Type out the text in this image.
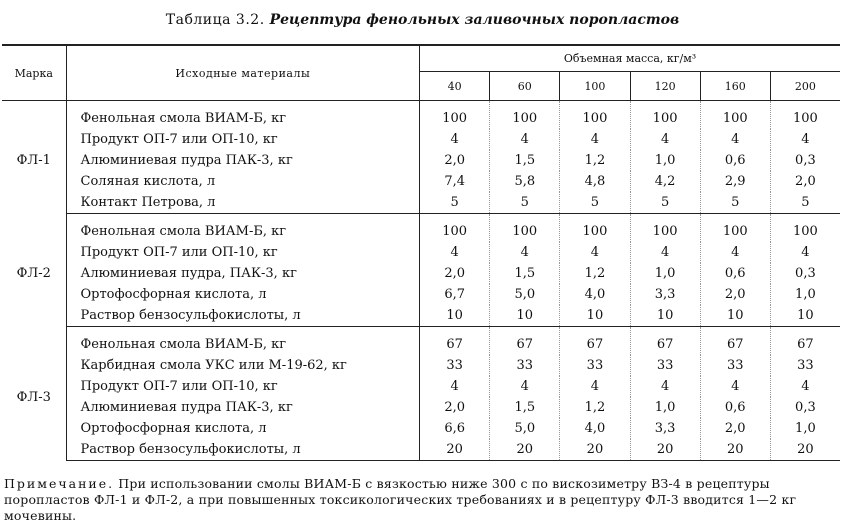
Таблица 3.2. Рецептура фенольных заливочных поропластов
Марка	Исходные материалы	Объемная масса, кг/м³					
		40	60	100	120	160	200
ФЛ-1	Фенольная смола ВИАМ-Б, кг	100	100	100	100	100	100
	Продукт ОП-7 или ОП-10, кг	4	4	4	4	4	4
	Алюминиевая пудра ПАК-3, кг	2,0	1,5	1,2	1,0	0,6	0,3
	Соляная кислота, л	7,4	5,8	4,8	4,2	2,9	2,0
	Контакт Петрова, л	5	5	5	5	5	5
ФЛ-2	Фенольная смола ВИАМ-Б, кг	100	100	100	100	100	100
	Продукт ОП-7 или ОП-10, кг	4	4	4	4	4	4
	Алюминиевая пудра, ПАК-3, кг	2,0	1,5	1,2	1,0	0,6	0,3
	Ортофосфорная кислота, л	6,7	5,0	4,0	3,3	2,0	1,0
	Раствор бензосульфокислоты, л	10	10	10	10	10	10
ФЛ-3	Фенольная смола ВИАМ-Б, кг	67	67	67	67	67	67
	Карбидная смола УКС или М-19-62, кг	33	33	33	33	33	33
	Продукт ОП-7 или ОП-10, кг	4	4	4	4	4	4
	Алюминиевая пудра ПАК-3, кг	2,0	1,5	1,2	1,0	0,6	0,3
	Ортофосфорная кислота, л	6,6	5,0	4,0	3,3	2,0	1,0
	Раствор бензосульфокислоты, л	20	20	20	20	20	20
Примечание. При использовании смолы ВИАМ-Б с вязкостью ниже 300 с по вискозиметру ВЗ-4 в рецептуры поропластов ФЛ-1 и ФЛ-2, а при повышенных токсикологических требованиях и в рецептуру ФЛ-3 вводится 1—2 кг мочевины.
